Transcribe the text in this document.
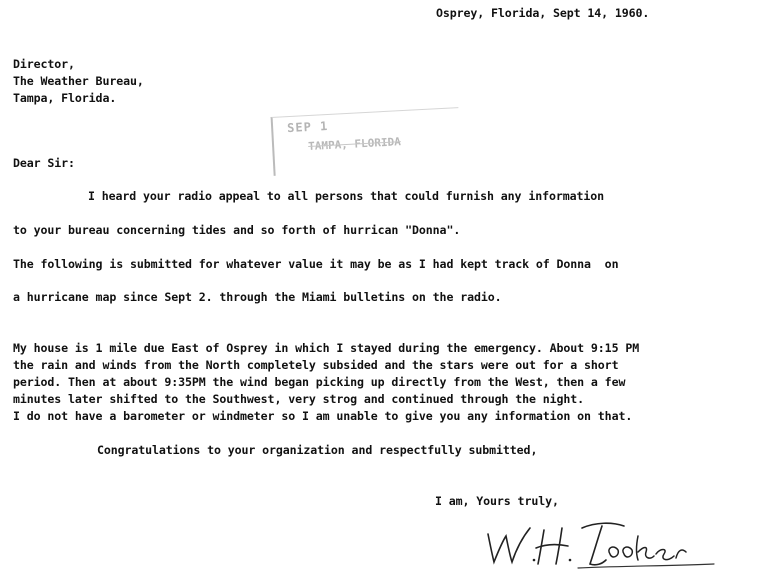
Osprey, Florida, Sept 14, 1960.
Director,
The Weather Bureau,
Tampa, Florida.
SEP 1
TAMPA, FLORIDA
Dear Sir:
I heard your radio appeal to all persons that could furnish any information
to your bureau concerning tides and so forth of hurrican "Donna".
The following is submitted for whatever value it may be as I had kept track of Donna  on
a hurricane map since Sept 2. through the Miami bulletins on the radio.
My house is 1 mile due East of Osprey in which I stayed during the emergency. About 9:15 PM
the rain and winds from the North completely subsided and the stars were out for a short
period. Then at about 9:35PM the wind began picking up directly from the West, then a few
minutes later shifted to the Southwest, very strog and continued through the night.
I do not have a barometer or windmeter so I am unable to give you any information on that.
Congratulations to your organization and respectfully submitted,
I am, Yours truly,
